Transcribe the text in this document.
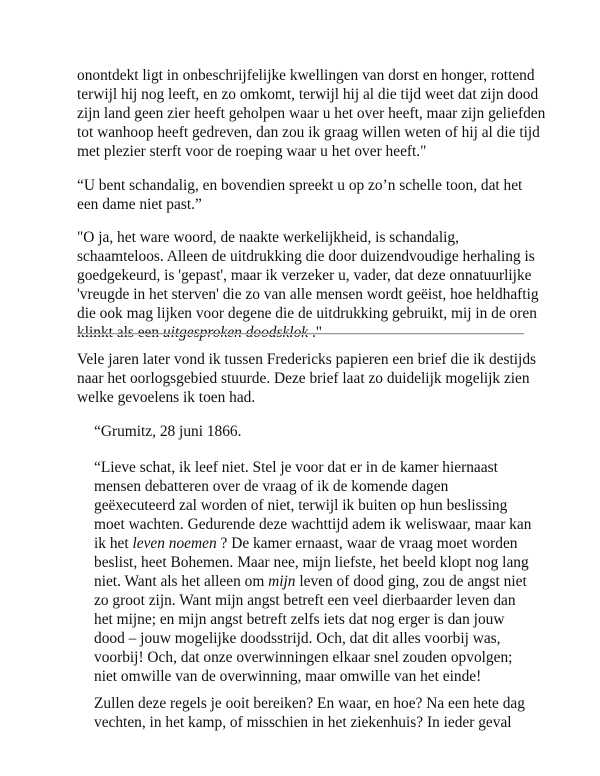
onontdekt ligt in onbeschrijfelijke kwellingen van dorst en honger, rottend
terwijl hij nog leeft, en zo omkomt, terwijl hij al die tijd weet dat zijn dood
zijn land geen zier heeft geholpen waar u het over heeft, maar zijn geliefden
tot wanhoop heeft gedreven, dan zou ik graag willen weten of hij al die tijd
met plezier sterft voor de roeping waar u het over heeft."

“U bent schandalig, en bovendien spreekt u op zo’n schelle toon, dat het
een dame niet past.”

"O ja, het ware woord, de naakte werkelijkheid, is schandalig,
schaamteloos. Alleen de uitdrukking die door duizendvoudige herhaling is
goedgekeurd, is 'gepast', maar ik verzeker u, vader, dat deze onnatuurlijke
'vreugde in het sterven' die zo van alle mensen wordt geëist, hoe heldhaftig
die ook mag lijken voor degene die de uitdrukking gebruikt, mij in de oren
klinkt als een uitgesproken doodsklok ."

Vele jaren later vond ik tussen Fredericks papieren een brief die ik destijds
naar het oorlogsgebied stuurde. Deze brief laat zo duidelijk mogelijk zien
welke gevoelens ik toen had.

“Grumitz, 28 juni 1866.

“Lieve schat, ik leef niet. Stel je voor dat er in de kamer hiernaast
mensen debatteren over de vraag of ik de komende dagen
geëxecuteerd zal worden of niet, terwijl ik buiten op hun beslissing
moet wachten. Gedurende deze wachttijd adem ik weliswaar, maar kan
ik het leven noemen ? De kamer ernaast, waar de vraag moet worden
beslist, heet Bohemen. Maar nee, mijn liefste, het beeld klopt nog lang
niet. Want als het alleen om mijn leven of dood ging, zou de angst niet
zo groot zijn. Want mijn angst betreft een veel dierbaarder leven dan
het mijne; en mijn angst betreft zelfs iets dat nog erger is dan jouw
dood – jouw mogelijke doodsstrijd. Och, dat dit alles voorbij was,
voorbij! Och, dat onze overwinningen elkaar snel zouden opvolgen;
niet omwille van de overwinning, maar omwille van het einde!

Zullen deze regels je ooit bereiken? En waar, en hoe? Na een hete dag
vechten, in het kamp, of misschien in het ziekenhuis? In ieder geval
